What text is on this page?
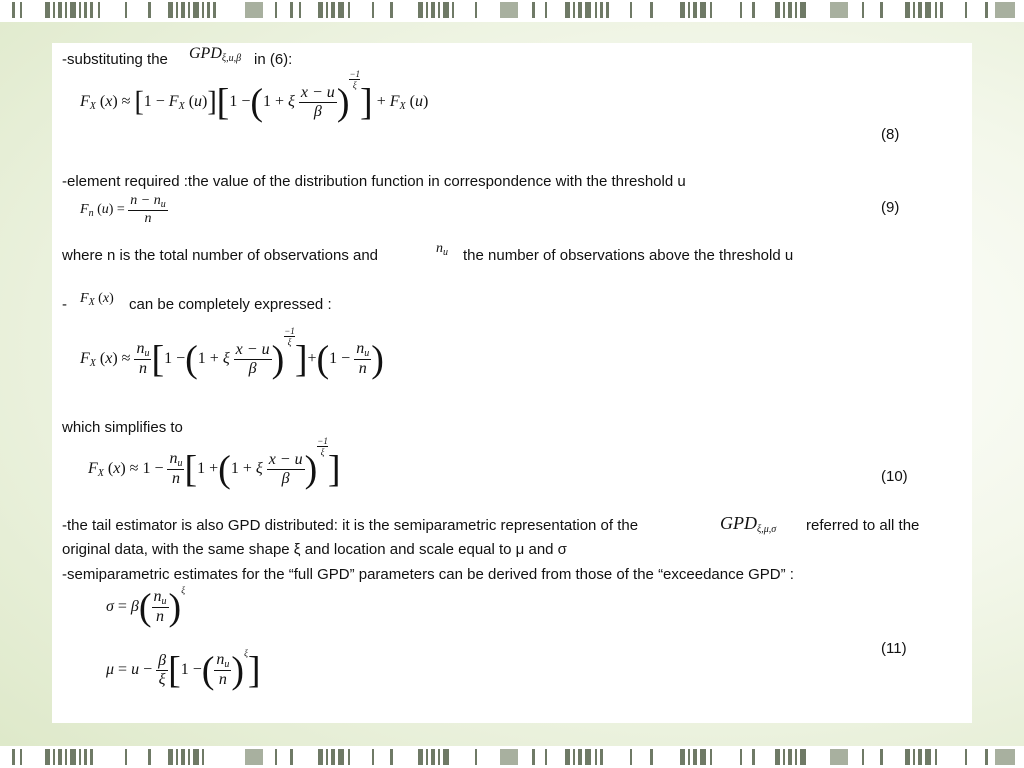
-substituting the $GPD_{\xi,u,\beta}$ in (6):
$F_X$ $(x) \approx [1 - F_X$ (u)][1 −(1 + ξ $\frac{x - u}{\beta}$ )
$\frac{-1}{\xi}$
] + $F_X$ (u)
(8)
-element required :the value of the distribution function in correspondence with the threshold u
$F_n$ $(u) = \frac{n - n_u}{n}$	(9)
where n is the total number of observations and	$n_u$ the number of observations above the threshold u
- $F_X$ (x) can be completely expressed :
$F_X$ $(x) \approx \frac{n_u}{n} [1 -(1 + \xi \frac{x - u}{\beta}$ )
$\frac{-1}{\xi}$
]$+(1 - \frac{n_u}{n}$ )
which simplifies to
$F_X$ $(x) \approx 1 - \frac{n_u}{n} [1 +(1 + \xi \frac{x - u}{\beta}$ )
$\frac{-1}{\xi}$
]	(10)
-the tail estimator is also GPD distributed: it is the semiparametric representation of the	$GPD_{\xi,\mu,\sigma}$ referred to all the
original data, with the same shape ξ and location and scale equal to μ and σ
-semiparametric estimates for the “full GPD” parameters can be derived from those of the “exceedance GPD” :
$\sigma = \beta( \frac{n_u}{n}$ ) ξ
$\mu = u - \frac{\beta}{\xi} [1$ −( $\frac{n_u}{n}$ ) ξ ]
(11)
